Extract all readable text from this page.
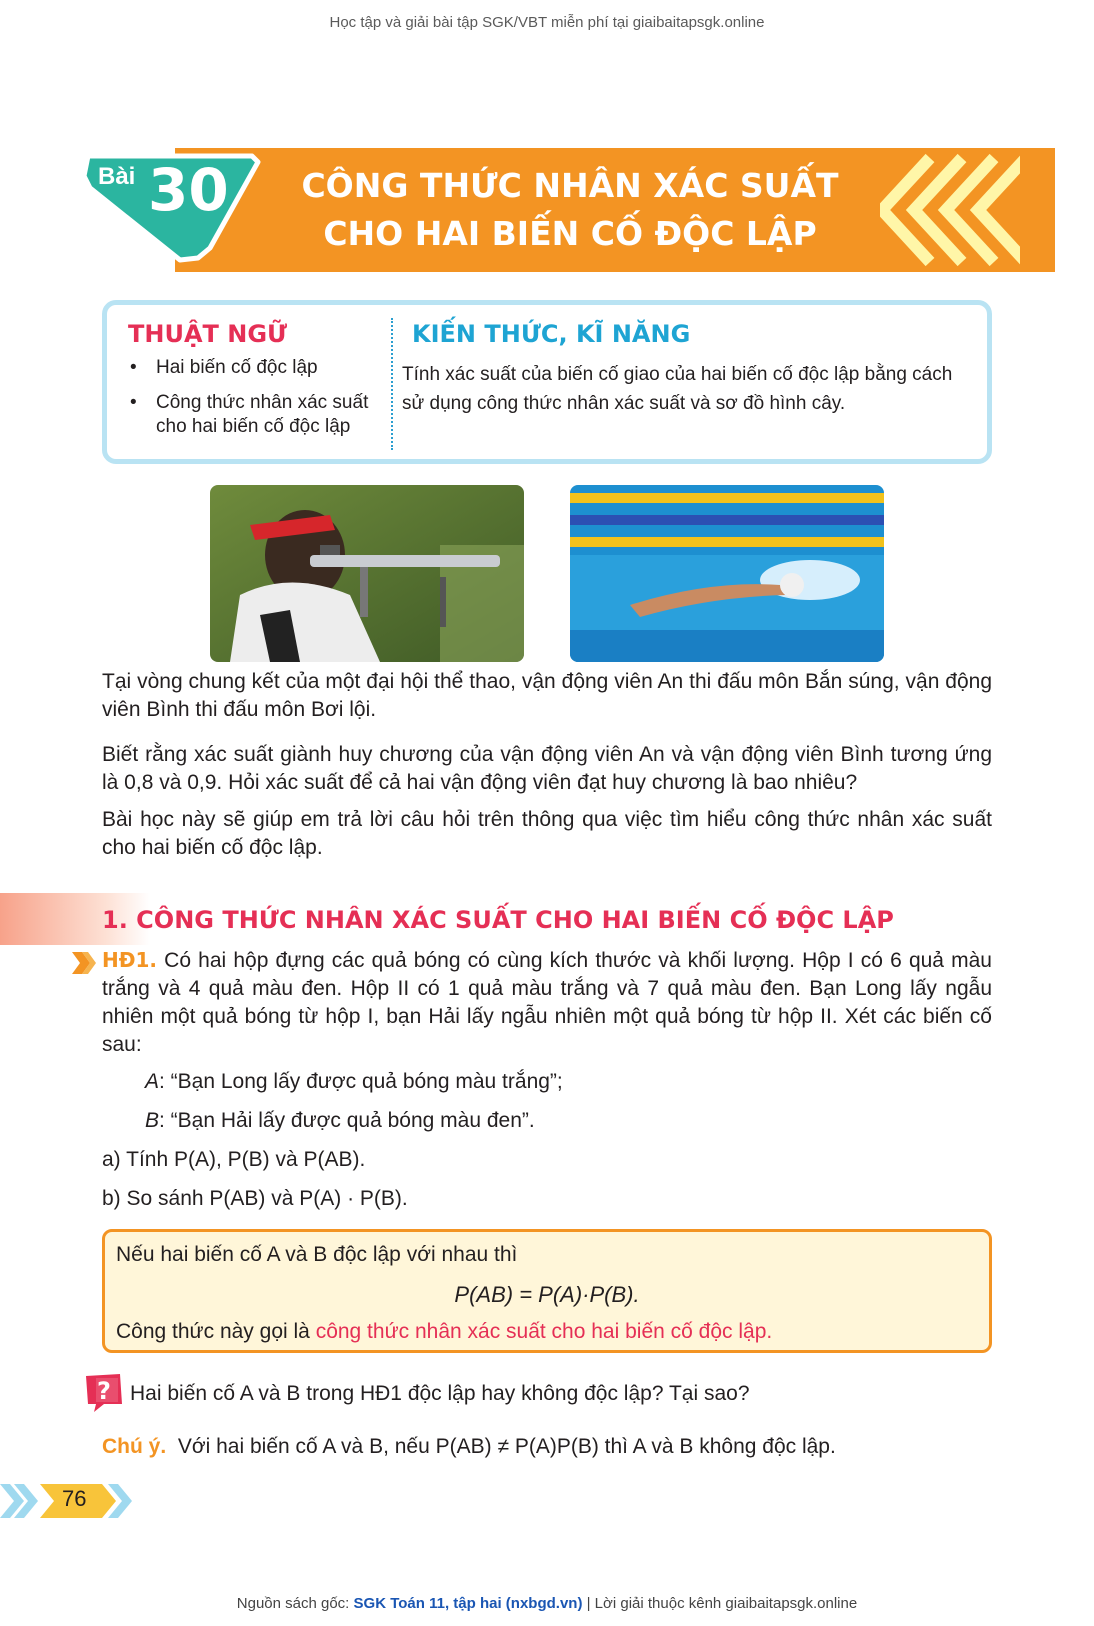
Học tập và giải bài tập SGK/VBT miễn phí tại giaibaitapsgk.online
Bài 30	CÔNG THỨC NHÂN XÁC SUẤT
CHO HAI BIẾN CỐ ĐỘC LẬP
THUẬT NGỮ	KIẾN THỨC, KĨ NĂNG
• Hai biến cố độc lập
• Công thức nhân xác suất cho hai biến cố độc lập
Tính xác suất của biến cố giao của hai biến cố độc lập bằng cách sử dụng công thức nhân xác suất và sơ đồ hình cây.
Tại vòng chung kết của một đại hội thể thao, vận động viên An thi đấu môn Bắn súng, vận động viên Bình thi đấu môn Bơi lội.
Biết rằng xác suất giành huy chương của vận động viên An và vận động viên Bình tương ứng là 0,8 và 0,9. Hỏi xác suất để cả hai vận động viên đạt huy chương là bao nhiêu?
Bài học này sẽ giúp em trả lời câu hỏi trên thông qua việc tìm hiểu công thức nhân xác suất cho hai biến cố độc lập.
1. CÔNG THỨC NHÂN XÁC SUẤT CHO HAI BIẾN CỐ ĐỘC LẬP
HĐ1. Có hai hộp đựng các quả bóng có cùng kích thước và khối lượng. Hộp I có 6 quả màu trắng và 4 quả màu đen. Hộp II có 1 quả màu trắng và 7 quả màu đen. Bạn Long lấy ngẫu nhiên một quả bóng từ hộp I, bạn Hải lấy ngẫu nhiên một quả bóng từ hộp II. Xét các biến cố sau:
A: “Bạn Long lấy được quả bóng màu trắng”;
B: “Bạn Hải lấy được quả bóng màu đen”.
a) Tính P(A), P(B) và P(AB).
b) So sánh P(AB) và P(A) · P(B).
Nếu hai biến cố A và B độc lập với nhau thì
P(AB) = P(A)·P(B).
Công thức này gọi là công thức nhân xác suất cho hai biến cố độc lập.
? Hai biến cố A và B trong HĐ1 độc lập hay không độc lập? Tại sao?
Chú ý. Với hai biến cố A và B, nếu P(AB) ≠ P(A)P(B) thì A và B không độc lập.
76
Nguồn sách gốc: SGK Toán 11, tập hai (nxbgd.vn) | Lời giải thuộc kênh giaibaitapsgk.online
